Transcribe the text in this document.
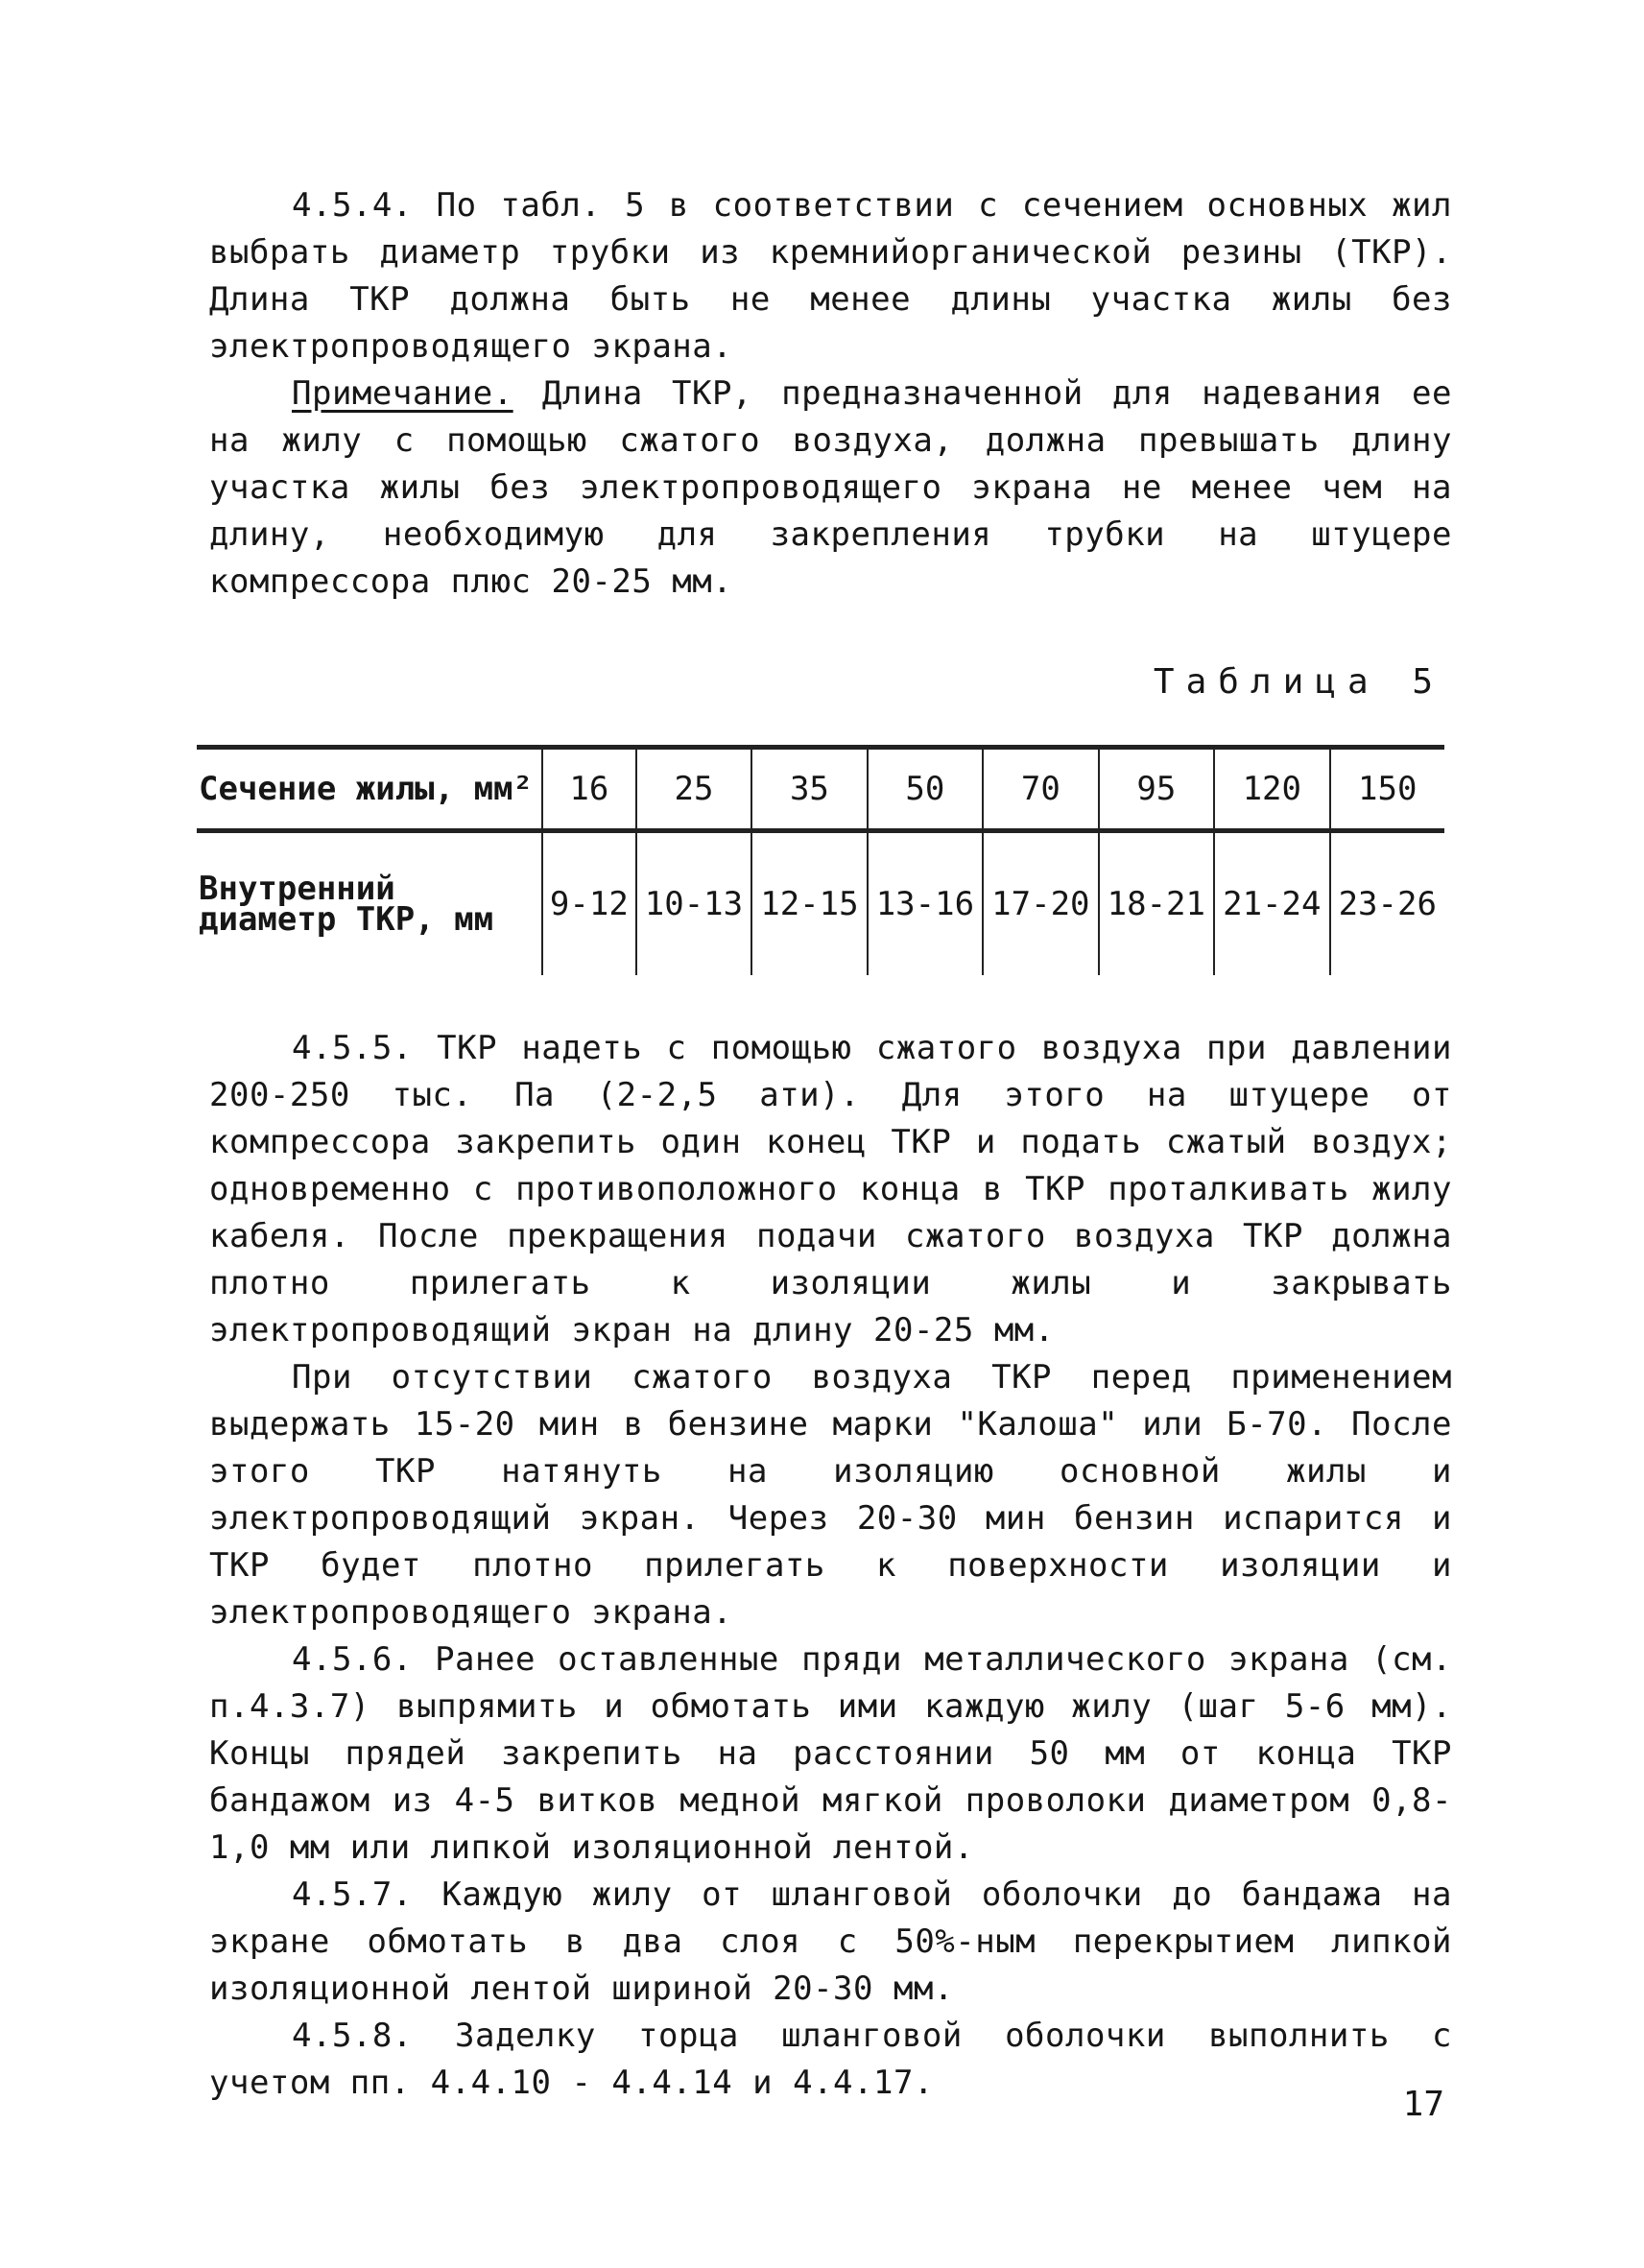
4.5.4. По табл. 5 в соответствии с сечением основных жил выбрать диаметр трубки из кремнийорганической резины (ТКР). Длина ТКР должна быть не менее длины участка жилы без электропроводящего экрана.

Примечание. Длина ТКР, предназначенной для надевания ее на жилу с помощью сжатого воздуха, должна превышать длину участка жилы без электропроводящего экрана не менее чем на длину, необходимую для закрепления трубки на штуцере компрессора плюс 20-25 мм.

Таблица 5
Сечение жилы, мм²	16	25	35	50	70	95	120	150
Внутренний диаметр ТКР, мм	9-12	10-13	12-15	13-16	17-20	18-21	21-24	23-26

4.5.5. ТКР надеть с помощью сжатого воздуха при давлении 200-250 тыс. Па (2-2,5 ати). Для этого на штуцере от компрессора закрепить один конец ТКР и подать сжатый воздух; одновременно с противоположного конца в ТКР проталкивать жилу кабеля. После прекращения подачи сжатого воздуха ТКР должна плотно прилегать к изоляции жилы и закрывать электропроводящий экран на длину 20-25 мм.

При отсутствии сжатого воздуха ТКР перед применением выдержать 15-20 мин в бензине марки "Калоша" или Б-70. После этого ТКР натянуть на изоляцию основной жилы и электропроводящий экран. Через 20-30 мин бензин испарится и ТКР будет плотно прилегать к поверхности изоляции и электропроводящего экрана.

4.5.6. Ранее оставленные пряди металлического экрана (см. п.4.3.7) выпрямить и обмотать ими каждую жилу (шаг 5-6 мм). Концы прядей закрепить на расстоянии 50 мм от конца ТКР бандажом из 4-5 витков медной мягкой проволоки диаметром 0,8-1,0 мм или липкой изоляционной лентой.

4.5.7. Каждую жилу от шланговой оболочки до бандажа на экране обмотать в два слоя с 50%-ным перекрытием липкой изоляционной лентой шириной 20-30 мм.

4.5.8. Заделку торца шланговой оболочки выполнить с учетом пп. 4.4.10 - 4.4.14 и 4.4.17.

17
